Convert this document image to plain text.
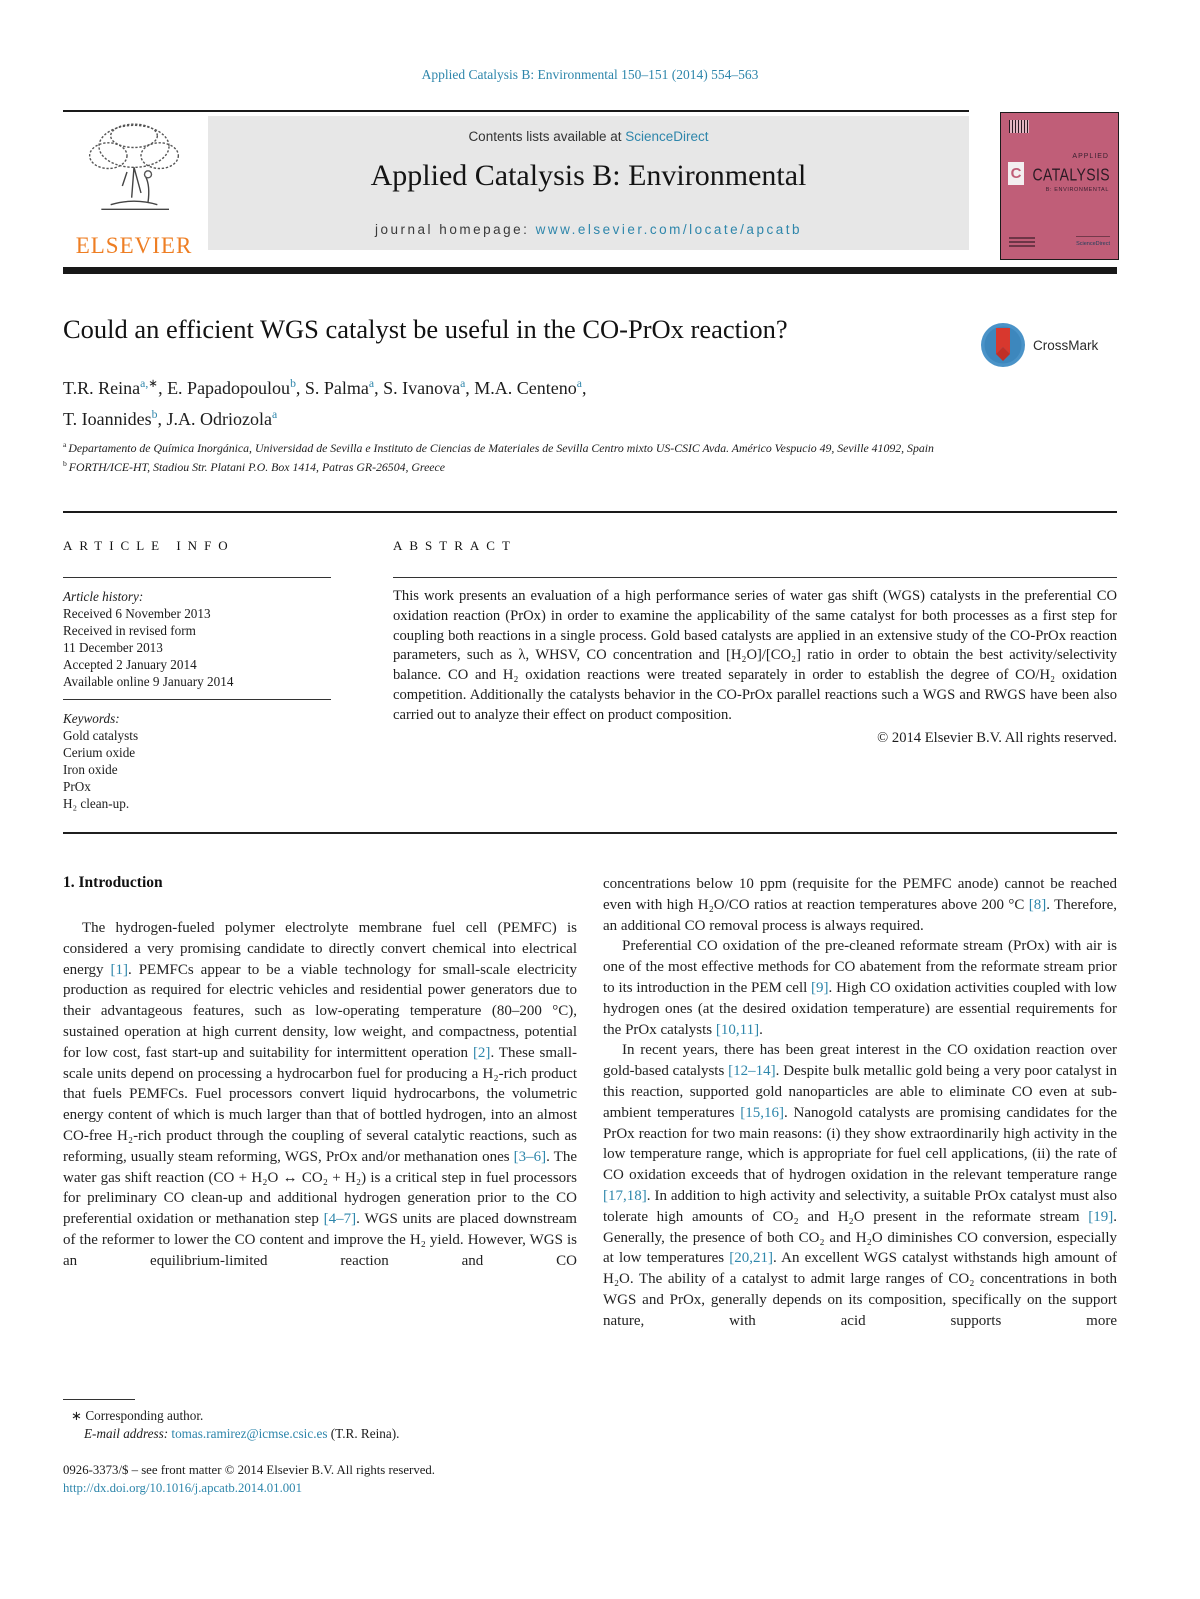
Applied Catalysis B: Environmental 150–151 (2014) 554–563
ELSEVIER
Contents lists available at ScienceDirect
Applied Catalysis B: Environmental
journal homepage: www.elsevier.com/locate/apcatb
APPLIED
C CATALYSIS
B: ENVIRONMENTAL
ScienceDirect
Could an efficient WGS catalyst be useful in the CO-PrOx reaction?
CrossMark
T.R. Reina$^{a,∗}$, E. Papadopoulou$^b$, S. Palma$^a$, S. Ivanova$^a$, M.A. Centeno$^a$,
T. Ioannides$^b$, J.A. Odriozola$^a$
$^a$ Departamento de Química Inorgánica, Universidad de Sevilla e Instituto de Ciencias de Materiales de Sevilla Centro mixto US-CSIC Avda. Américo Vespucio 49, Seville 41092, Spain
$^b$ FORTH/ICE-HT, Stadiou Str. Platani P.O. Box 1414, Patras GR-26504, Greece
ARTICLE INFO	ABSTRACT
Article history:
Received 6 November 2013
Received in revised form
11 December 2013
Accepted 2 January 2014
Available online 9 January 2014
Keywords:
Gold catalysts
Cerium oxide
Iron oxide
PrOx
H₂ clean-up.
This work presents an evaluation of a high performance series of water gas shift (WGS) catalysts in the preferential CO oxidation reaction (PrOx) in order to examine the applicability of the same catalyst for both processes as a first step for coupling both reactions in a single process. Gold based catalysts are applied in an extensive study of the CO-PrOx reaction parameters, such as λ, WHSV, CO concentration and [H₂O]/[CO₂] ratio in order to obtain the best activity/selectivity balance. CO and H₂ oxidation reactions were treated separately in order to establish the degree of CO/H₂ oxidation competition. Additionally the catalysts behavior in the CO-PrOx parallel reactions such a WGS and RWGS have been also carried out to analyze their effect on product composition.
© 2014 Elsevier B.V. All rights reserved.
1. Introduction

The hydrogen-fueled polymer electrolyte membrane fuel cell (PEMFC) is considered a very promising candidate to directly convert chemical into electrical energy [1]. PEMFCs appear to be a viable technology for small-scale electricity production as required for electric vehicles and residential power generators due to their advantageous features, such as low-operating temperature (80–200 °C), sustained operation at high current density, low weight, and compactness, potential for low cost, fast start-up and suitability for intermittent operation [2]. These small-scale units depend on processing a hydrocarbon fuel for producing a H₂-rich product that fuels PEMFCs. Fuel processors convert liquid hydrocarbons, the volumetric energy content of which is much larger than that of bottled hydrogen, into an almost CO-free H₂-rich product through the coupling of several catalytic reactions, such as reforming, usually steam reforming, WGS, PrOx and/or methanation ones [3–6]. The water gas shift reaction (CO + H₂O ↔ CO₂ + H₂) is a critical step in fuel processors for preliminary CO clean-up and additional hydrogen generation prior to the CO preferential oxidation or methanation step [4–7]. WGS units are placed downstream of the reformer to lower the CO content and improve the H₂ yield. However, WGS is an equilibrium-limited reaction and CO

concentrations below 10 ppm (requisite for the PEMFC anode) cannot be reached even with high H₂O/CO ratios at reaction temperatures above 200 °C [8]. Therefore, an additional CO removal process is always required.

Preferential CO oxidation of the pre-cleaned reformate stream (PrOx) with air is one of the most effective methods for CO abatement from the reformate stream prior to its introduction in the PEM cell [9]. High CO oxidation activities coupled with low hydrogen ones (at the desired oxidation temperature) are essential requirements for the PrOx catalysts [10,11].

In recent years, there has been great interest in the CO oxidation reaction over gold-based catalysts [12–14]. Despite bulk metallic gold being a very poor catalyst in this reaction, supported gold nanoparticles are able to eliminate CO even at sub-ambient temperatures [15,16]. Nanogold catalysts are promising candidates for the PrOx reaction for two main reasons: (i) they show extraordinarily high activity in the low temperature range, which is appropriate for fuel cell applications, (ii) the rate of CO oxidation exceeds that of hydrogen oxidation in the relevant temperature range [17,18]. In addition to high activity and selectivity, a suitable PrOx catalyst must also tolerate high amounts of CO₂ and H₂O present in the reformate stream [19]. Generally, the presence of both CO₂ and H₂O diminishes CO conversion, especially at low temperatures [20,21]. An excellent WGS catalyst withstands high amount of H₂O. The ability of a catalyst to admit large ranges of CO₂ concentrations in both WGS and PrOx, generally depends on its composition, specifically on the support nature, with acid supports more

∗ Corresponding author.
E-mail address: tomas.ramirez@icmse.csic.es (T.R. Reina).
0926-3373/$ – see front matter © 2014 Elsevier B.V. All rights reserved.
http://dx.doi.org/10.1016/j.apcatb.2014.01.001
